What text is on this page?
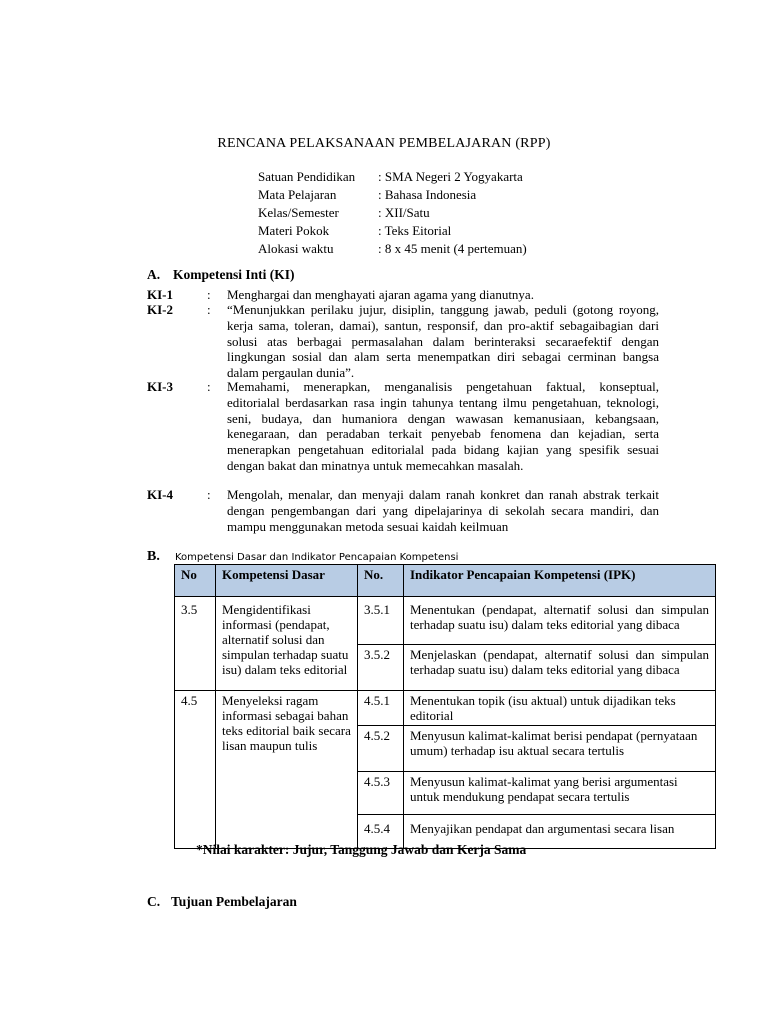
RENCANA PELAKSANAAN PEMBELAJARAN (RPP)
Satuan Pendidikan : SMA Negeri 2 Yogyakarta
Mata Pelajaran	: Bahasa Indonesia
Kelas/Semester	: XII/Satu
Materi Pokok	: Teks Eitorial
Alokasi waktu	: 8 x 45 menit (4 pertemuan)
A. Kompetensi Inti (KI)
KI-1	: Menghargai dan menghayati ajaran agama yang dianutnya.
KI-2	: “Menunjukkan perilaku jujur, disiplin, tanggung jawab, peduli (gotong royong, kerja sama, toleran, damai), santun, responsif, dan pro-aktif sebagaibagian dari solusi atas berbagai permasalahan dalam berinteraksi secaraefektif dengan lingkungan sosial dan alam serta menempatkan diri sebagai cerminan bangsa dalam pergaulan dunia”.
KI-3	: Memahami, menerapkan, menganalisis pengetahuan faktual, konseptual, editorialal berdasarkan rasa ingin tahunya tentang ilmu pengetahuan, teknologi, seni, budaya, dan humaniora dengan wawasan kemanusiaan, kebangsaan, kenegaraan, dan peradaban terkait penyebab fenomena dan kejadian, serta menerapkan pengetahuan editorialal pada bidang kajian yang spesifik sesuai dengan bakat dan minatnya untuk memecahkan masalah.
KI-4	: Mengolah, menalar, dan menyaji dalam ranah konkret dan ranah abstrak terkait dengan pengembangan dari yang dipelajarinya di sekolah secara mandiri, dan mampu menggunakan metoda sesuai kaidah keilmuan
B. Kompetensi Dasar dan Indikator Pencapaian Kompetensi
No	Kompetensi Dasar	No.	Indikator Pencapaian Kompetensi (IPK)
3.5	Mengidentifikasi informasi (pendapat, alternatif solusi dan simpulan terhadap suatu isu) dalam teks editorial	3.5.1	Menentukan (pendapat, alternatif solusi dan simpulan terhadap suatu isu) dalam teks editorial yang dibaca
		3.5.2	Menjelaskan (pendapat, alternatif solusi dan simpulan terhadap suatu isu) dalam teks editorial yang dibaca
4.5	Menyeleksi ragam informasi sebagai bahan teks editorial baik secara lisan maupun tulis	4.5.1	Menentukan topik (isu aktual) untuk dijadikan teks editorial
		4.5.2	Menyusun kalimat-kalimat berisi pendapat (pernyataan umum) terhadap isu aktual secara tertulis
		4.5.3	Menyusun kalimat-kalimat yang berisi argumentasi untuk mendukung pendapat secara tertulis
		4.5.4	Menyajikan pendapat dan argumentasi secara lisan
*Nilai karakter: Jujur, Tanggung Jawab dan Kerja Sama
C. Tujuan Pembelajaran
